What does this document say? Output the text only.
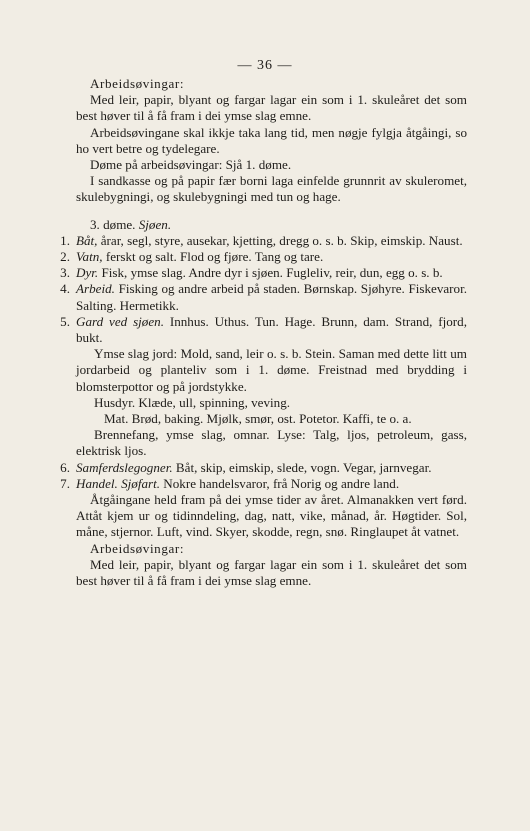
— 36 —
Arbeidsøvingar:
Med leir, papir, blyant og fargar lagar ein som i 1. skuleåret det som best høver til å få fram i dei ymse slag emne.
Arbeidsøvingane skal ikkje taka lang tid, men nøgje fylgja åtgåingi, so ho vert betre og tydelegare.
Døme på arbeidsøvingar: Sjå 1. døme.
I sandkasse og på papir fær borni laga einfelde grunnrit av skuleromet, skulebygningi, og skulebygningi med tun og hage.
3. døme. Sjøen.
1. Båt, årar, segl, styre, ausekar, kjetting, dregg o. s. b. Skip, eimskip. Naust.
2. Vatn, ferskt og salt. Flod og fjøre. Tang og tare.
3. Dyr. Fisk, ymse slag. Andre dyr i sjøen. Fugleliv, reir, dun, egg o. s. b.
4. Arbeid. Fisking og andre arbeid på staden. Børnskap. Sjøhyre. Fiskevaror. Salting. Hermetikk.
5. Gard ved sjøen. Innhus. Uthus. Tun. Hage. Brunn, dam. Strand, fjord, bukt.
Ymse slag jord: Mold, sand, leir o. s. b. Stein. Saman med dette litt um jordarbeid og planteliv som i 1. døme. Freistnad med brydding i blomsterpottor og på jordstykke.
Husdyr. Klæde, ull, spinning, veving.
Mat. Brød, baking. Mjølk, smør, ost. Potetor. Kaffi, te o. a.
Brennefang, ymse slag, omnar. Lyse: Talg, ljos, petroleum, gass, elektrisk ljos.
6. Samferdslegogner. Båt, skip, eimskip, slede, vogn. Vegar, jarnvegar.
7. Handel. Sjøfart. Nokre handelsvaror, frå Norig og andre land.
Åtgåingane held fram på dei ymse tider av året. Almanakken vert førd. Attåt kjem ur og tidinndeling, dag, natt, vike, månad, år. Høgtider. Sol, måne, stjernor. Luft, vind. Skyer, skodde, regn, snø. Ringlaupet åt vatnet.
Arbeidsøvingar:
Med leir, papir, blyant og fargar lagar ein som i 1. skuleåret det som best høver til å få fram i dei ymse slag emne.
